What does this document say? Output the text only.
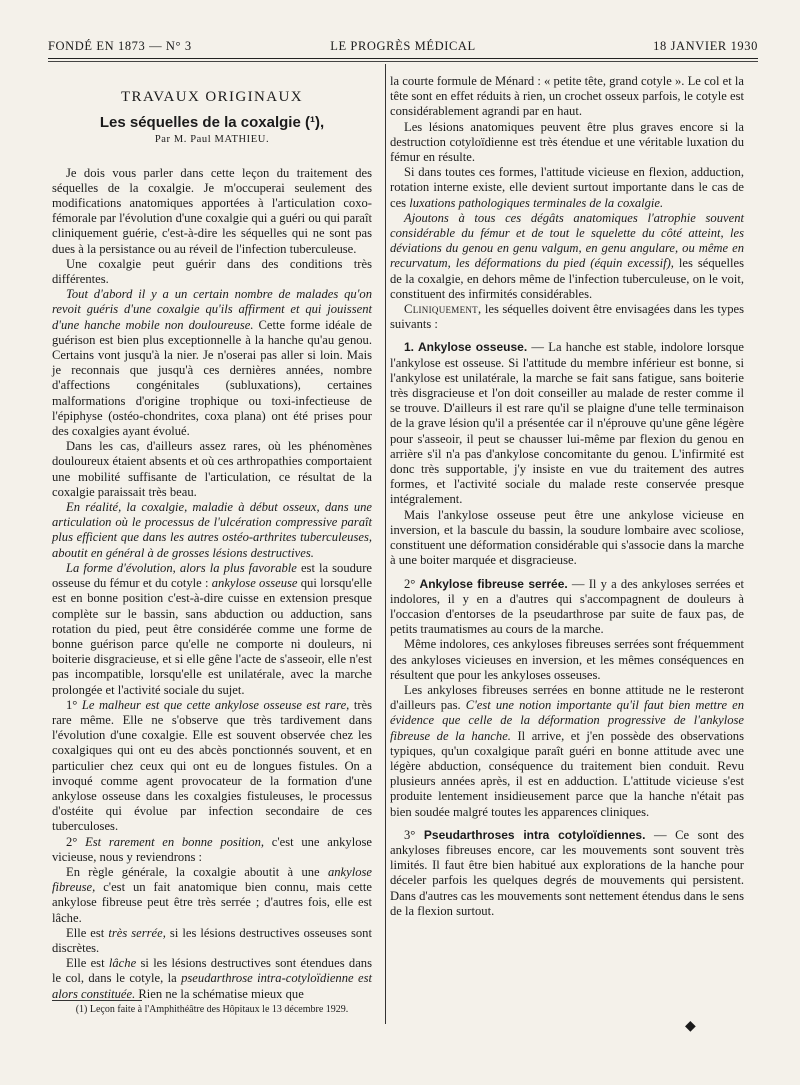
FONDÉ EN 1873 — N° 3	LE PROGRÈS MÉDICAL	18 JANVIER 1930
TRAVAUX ORIGINAUX
Les séquelles de la coxalgie (¹),
Par M. Paul MATHIEU.

Je dois vous parler dans cette leçon du traitement des séquelles de la coxalgie. Je m'occuperai seulement des modifications anatomiques apportées à l'articulation coxo-fémorale par l'évolution d'une coxalgie qui a guéri ou qui paraît cliniquement guérie, c'est-à-dire les séquelles qui ne sont pas dues à la persistance ou au réveil de l'infection tuberculeuse.

Une coxalgie peut guérir dans des conditions très différentes.

Tout d'abord il y a un certain nombre de malades qu'on revoit guéris d'une coxalgie qu'ils affirment et qui jouissent d'une hanche mobile non douloureuse. Cette forme idéale de guérison est bien plus exceptionnelle à la hanche qu'au genou. Certains vont jusqu'à la nier. Je n'oserai pas aller si loin. Mais je reconnais que jusqu'à ces dernières années, nombre d'affections congénitales (subluxations), certaines malformations d'origine trophique ou toxi-infectieuse de l'épiphyse (ostéo-chondrites, coxa plana) ont été prises pour des coxalgies ayant évolué.

Dans les cas, d'ailleurs assez rares, où les phénomènes douloureux étaient absents et où ces arthropathies comportaient une mobilité suffisante de l'articulation, ce résultat de la coxalgie paraissait très beau.

En réalité, la coxalgie, maladie à début osseux, dans une articulation où le processus de l'ulcération compressive paraît plus efficient que dans les autres ostéo-arthrites tuberculeuses, aboutit en général à de grosses lésions destructives.

La forme d'évolution, alors la plus favorable est la soudure osseuse du fémur et du cotyle : ankylose osseuse qui lorsqu'elle est en bonne position c'est-à-dire cuisse en extension presque complète sur le bassin, sans abduction ou adduction, sans rotation du pied, peut être considérée comme une forme de bonne guérison parce qu'elle ne comporte ni douleurs, ni boiterie disgracieuse, et si elle gêne l'acte de s'asseoir, elle n'est pas incompatible, lorsqu'elle est unilatérale, avec la marche prolongée et l'activité sociale du sujet.

1° Le malheur est que cette ankylose osseuse est rare, très rare même. Elle ne s'observe que très tardivement dans l'évolution d'une coxalgie. Elle est souvent observée chez les coxalgiques qui ont eu des abcès ponctionnés souvent, et en particulier chez ceux qui ont eu de longues fistules. On a invoqué comme agent provocateur de la formation d'une ankylose osseuse dans les coxalgies fistuleuses, le processus d'ostéite qui évolue par infection secondaire de ces tuberculoses.

2° Est rarement en bonne position, c'est une ankylose vicieuse, nous y reviendrons :

En règle générale, la coxalgie aboutit à une ankylose fibreuse, c'est un fait anatomique bien connu, mais cette ankylose fibreuse peut être très serrée ; d'autres fois, elle est lâche.

Elle est très serrée, si les lésions destructives osseuses sont discrètes.

Elle est lâche si les lésions destructives sont étendues dans le col, dans le cotyle, la pseudarthrose intra-cotyloïdienne est alors constituée. Rien ne la schématise mieux que

(1) Leçon faite à l'Amphithéâtre des Hôpitaux le 13 décembre 1929.

la courte formule de Ménard : « petite tête, grand cotyle ». Le col et la tête sont en effet réduits à rien, un crochet osseux parfois, le cotyle est considérablement agrandi par en haut.

Les lésions anatomiques peuvent être plus graves encore si la destruction cotyloïdienne est très étendue et une véritable luxation du fémur en résulte.

Si dans toutes ces formes, l'attitude vicieuse en flexion, adduction, rotation interne existe, elle devient surtout importante dans le cas de ces luxations pathologiques terminales de la coxalgie.

Ajoutons à tous ces dégâts anatomiques l'atrophie souvent considérable du fémur et de tout le squelette du côté atteint, les déviations du genou en genu valgum, en genu angulare, ou même en recurvatum, les déformations du pied (équin excessif), les séquelles de la coxalgie, en dehors même de l'infection tuberculeuse, on le voit, constituent des infirmités considérables.

Cliniquement, les séquelles doivent être envisagées dans les types suivants :

1. Ankylose osseuse. — La hanche est stable, indolore lorsque l'ankylose est osseuse. Si l'attitude du membre inférieur est bonne, si l'ankylose est unilatérale, la marche se fait sans fatigue, sans boiterie très disgracieuse et l'on doit conseiller au malade de rester comme il se trouve. D'ailleurs il est rare qu'il se plaigne d'une telle terminaison de la grave lésion qu'il a présentée car il n'éprouve qu'une gêne légère pour s'asseoir, il peut se chausser lui-même par flexion du genou en arrière s'il n'a pas d'ankylose concomitante du genou. L'infirmité est donc très supportable, j'y insiste en vue du traitement des autres formes, et l'activité sociale du malade reste conservée presque intégralement.

Mais l'ankylose osseuse peut être une ankylose vicieuse en inversion, et la bascule du bassin, la soudure lombaire avec scoliose, constituent une déformation considérable qui s'associe dans la marche à une boiter marquée et disgracieuse.

2° Ankylose fibreuse serrée. — Il y a des ankyloses serrées et indolores, il y en a d'autres qui s'accompagnent de douleurs à l'occasion d'entorses de la pseudarthrose par suite de faux pas, de petits traumatismes au cours de la marche.

Même indolores, ces ankyloses fibreuses serrées sont fréquemment des ankyloses vicieuses en inversion, et les mêmes conséquences en résultent que pour les ankyloses osseuses.

Les ankyloses fibreuses serrées en bonne attitude ne le resteront d'ailleurs pas. C'est une notion importante qu'il faut bien mettre en évidence que celle de la déformation progressive de l'ankylose fibreuse de la hanche. Il arrive, et j'en possède des observations typiques, qu'un coxalgique paraît guéri en bonne attitude avec une légère abduction, conséquence du traitement bien conduit. Revu plusieurs années après, il est en adduction. L'attitude vicieuse s'est produite lentement insidieusement parce que la hanche n'était pas bien soudée malgré toutes les apparences cliniques.

3° Pseudarthroses intra cotyloïdiennes. — Ce sont des ankyloses fibreuses encore, car les mouvements sont souvent très limités. Il faut être bien habitué aux explorations de la hanche pour déceler parfois les quelques degrés de mouvements qui persistent. Dans d'autres cas les mouvements sont nettement étendus dans le sens de la flexion surtout.

◆
